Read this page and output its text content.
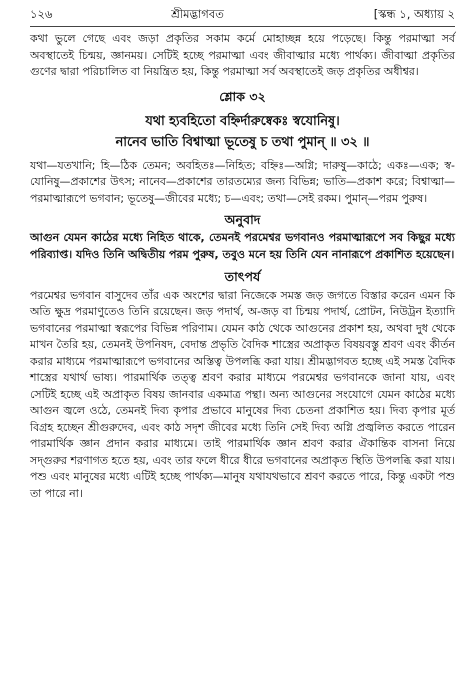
১২৬	শ্রীমদ্ভাগবত	[স্কন্ধ ১, অধ্যায় ২

কথা ভুলে গেছে এবং জড়া প্রকৃতির সকাম কর্মে মোহাচ্ছন্ন হয়ে পড়েছে। কিন্তু পরমাত্মা সর্ব অবস্থাতেই চিন্ময়, জ্ঞানময়। সেটিই হচ্ছে পরমাত্মা এবং জীবাত্মার মধ্যে পার্থক্য। জীবাত্মা প্রকৃতির গুণের দ্বারা পরিচালিত বা নিয়ন্ত্রিত হয়, কিন্তু পরমাত্মা সর্ব অবস্থাতেই জড় প্রকৃতির অধীশ্বর।

শ্লোক ৩২
যথা হ্যবহিতো বহ্নির্দারুষ্বেকঃ স্বযোনিষু।
নানেব ভাতি বিশ্বাত্মা ভূতেষু চ তথা পুমান্ ॥ ৩২ ॥

যথা—যতখানি; হি—ঠিক তেমন; অবহিতঃ—নিহিত; বহ্নিঃ—অগ্নি; দারুষু—কাঠে; একঃ—এক; স্ব-যোনিষু—প্রকাশের উৎস; নানেব—প্রকাশের তারতম্যের জন্য বিভিন্ন; ভাতি—প্রকাশ করে; বিশ্বাত্মা—পরমাত্মারূপে ভগবান; ভূতেষু—জীবের মধ্যে; চ—এবং; তথা—সেই রকম। পুমান্—পরম পুরুষ।

অনুবাদ

আগুন যেমন কাঠের মধ্যে নিহিত থাকে, তেমনই পরমেশ্বর ভগবানও পরমাত্মারূপে সব কিছুর মধ্যে পরিব্যাপ্ত। যদিও তিনি অদ্বিতীয় পরম পুরুষ, তবুও মনে হয় তিনি যেন নানারূপে প্রকাশিত হয়েছেন।

তাৎপর্য

পরমেশ্বর ভগবান বাসুদেব তাঁর এক অংশের দ্বারা নিজেকে সমস্ত জড় জগতে বিস্তার করেন এমন কি অতি ক্ষুদ্র পরমাণুতেও তিনি রয়েছেন। জড় পদার্থ, অ-জড় বা চিন্ময় পদার্থ, প্রোটন, নিউট্রন ইত্যাদি ভগবানের পরমাত্মা স্বরূপের বিভিন্ন পরিণাম। যেমন কাঠ থেকে আগুনের প্রকাশ হয়, অথবা দুধ থেকে মাখন তৈরি হয়, তেমনই উপনিষদ, বেদান্ত প্রভৃতি বৈদিক শাস্ত্রের অপ্রাকৃত বিষয়বস্তু শ্রবণ এবং কীর্তন করার মাধ্যমে পরমাত্মারূপে ভগবানের অস্তিত্ব উপলব্ধি করা যায়। শ্রীমদ্ভাগবত হচ্ছে এই সমস্ত বৈদিক শাস্ত্রের যথার্থ ভাষ্য। পারমার্থিক তত্ত্ব শ্রবণ করার মাধ্যমে পরমেশ্বর ভগবানকে জানা যায়, এবং সেটিই হচ্ছে এই অপ্রাকৃত বিষয় জানবার একমাত্র পন্থা। অন্য আগুনের সংযোগে যেমন কাঠের মধ্যে আগুন জ্বলে ওঠে, তেমনই দিব্য কৃপার প্রভাবে মানুষের দিব্য চেতনা প্রকাশিত হয়। দিব্য কৃপার মূর্ত বিগ্রহ হচ্ছেন শ্রীগুরুদেব, এবং কাঠ সদৃশ জীবের মধ্যে তিনি সেই দিব্য অগ্নি প্রজ্বলিত করতে পারেন পারমার্থিক জ্ঞান প্রদান করার মাধ্যমে। তাই পারমার্থিক জ্ঞান শ্রবণ করার ঐকান্তিক বাসনা নিয়ে সদ্গুরুর শরণাগত হতে হয়, এবং তার ফলে ধীরে ধীরে ভগবানের অপ্রাকৃত স্থিতি উপলব্ধি করা যায়। পশু এবং মানুষের মধ্যে এটিই হচ্ছে পার্থক্য—মানুষ যথাযথভাবে শ্রবণ করতে পারে, কিন্তু একটা পশু তা পারে না।
